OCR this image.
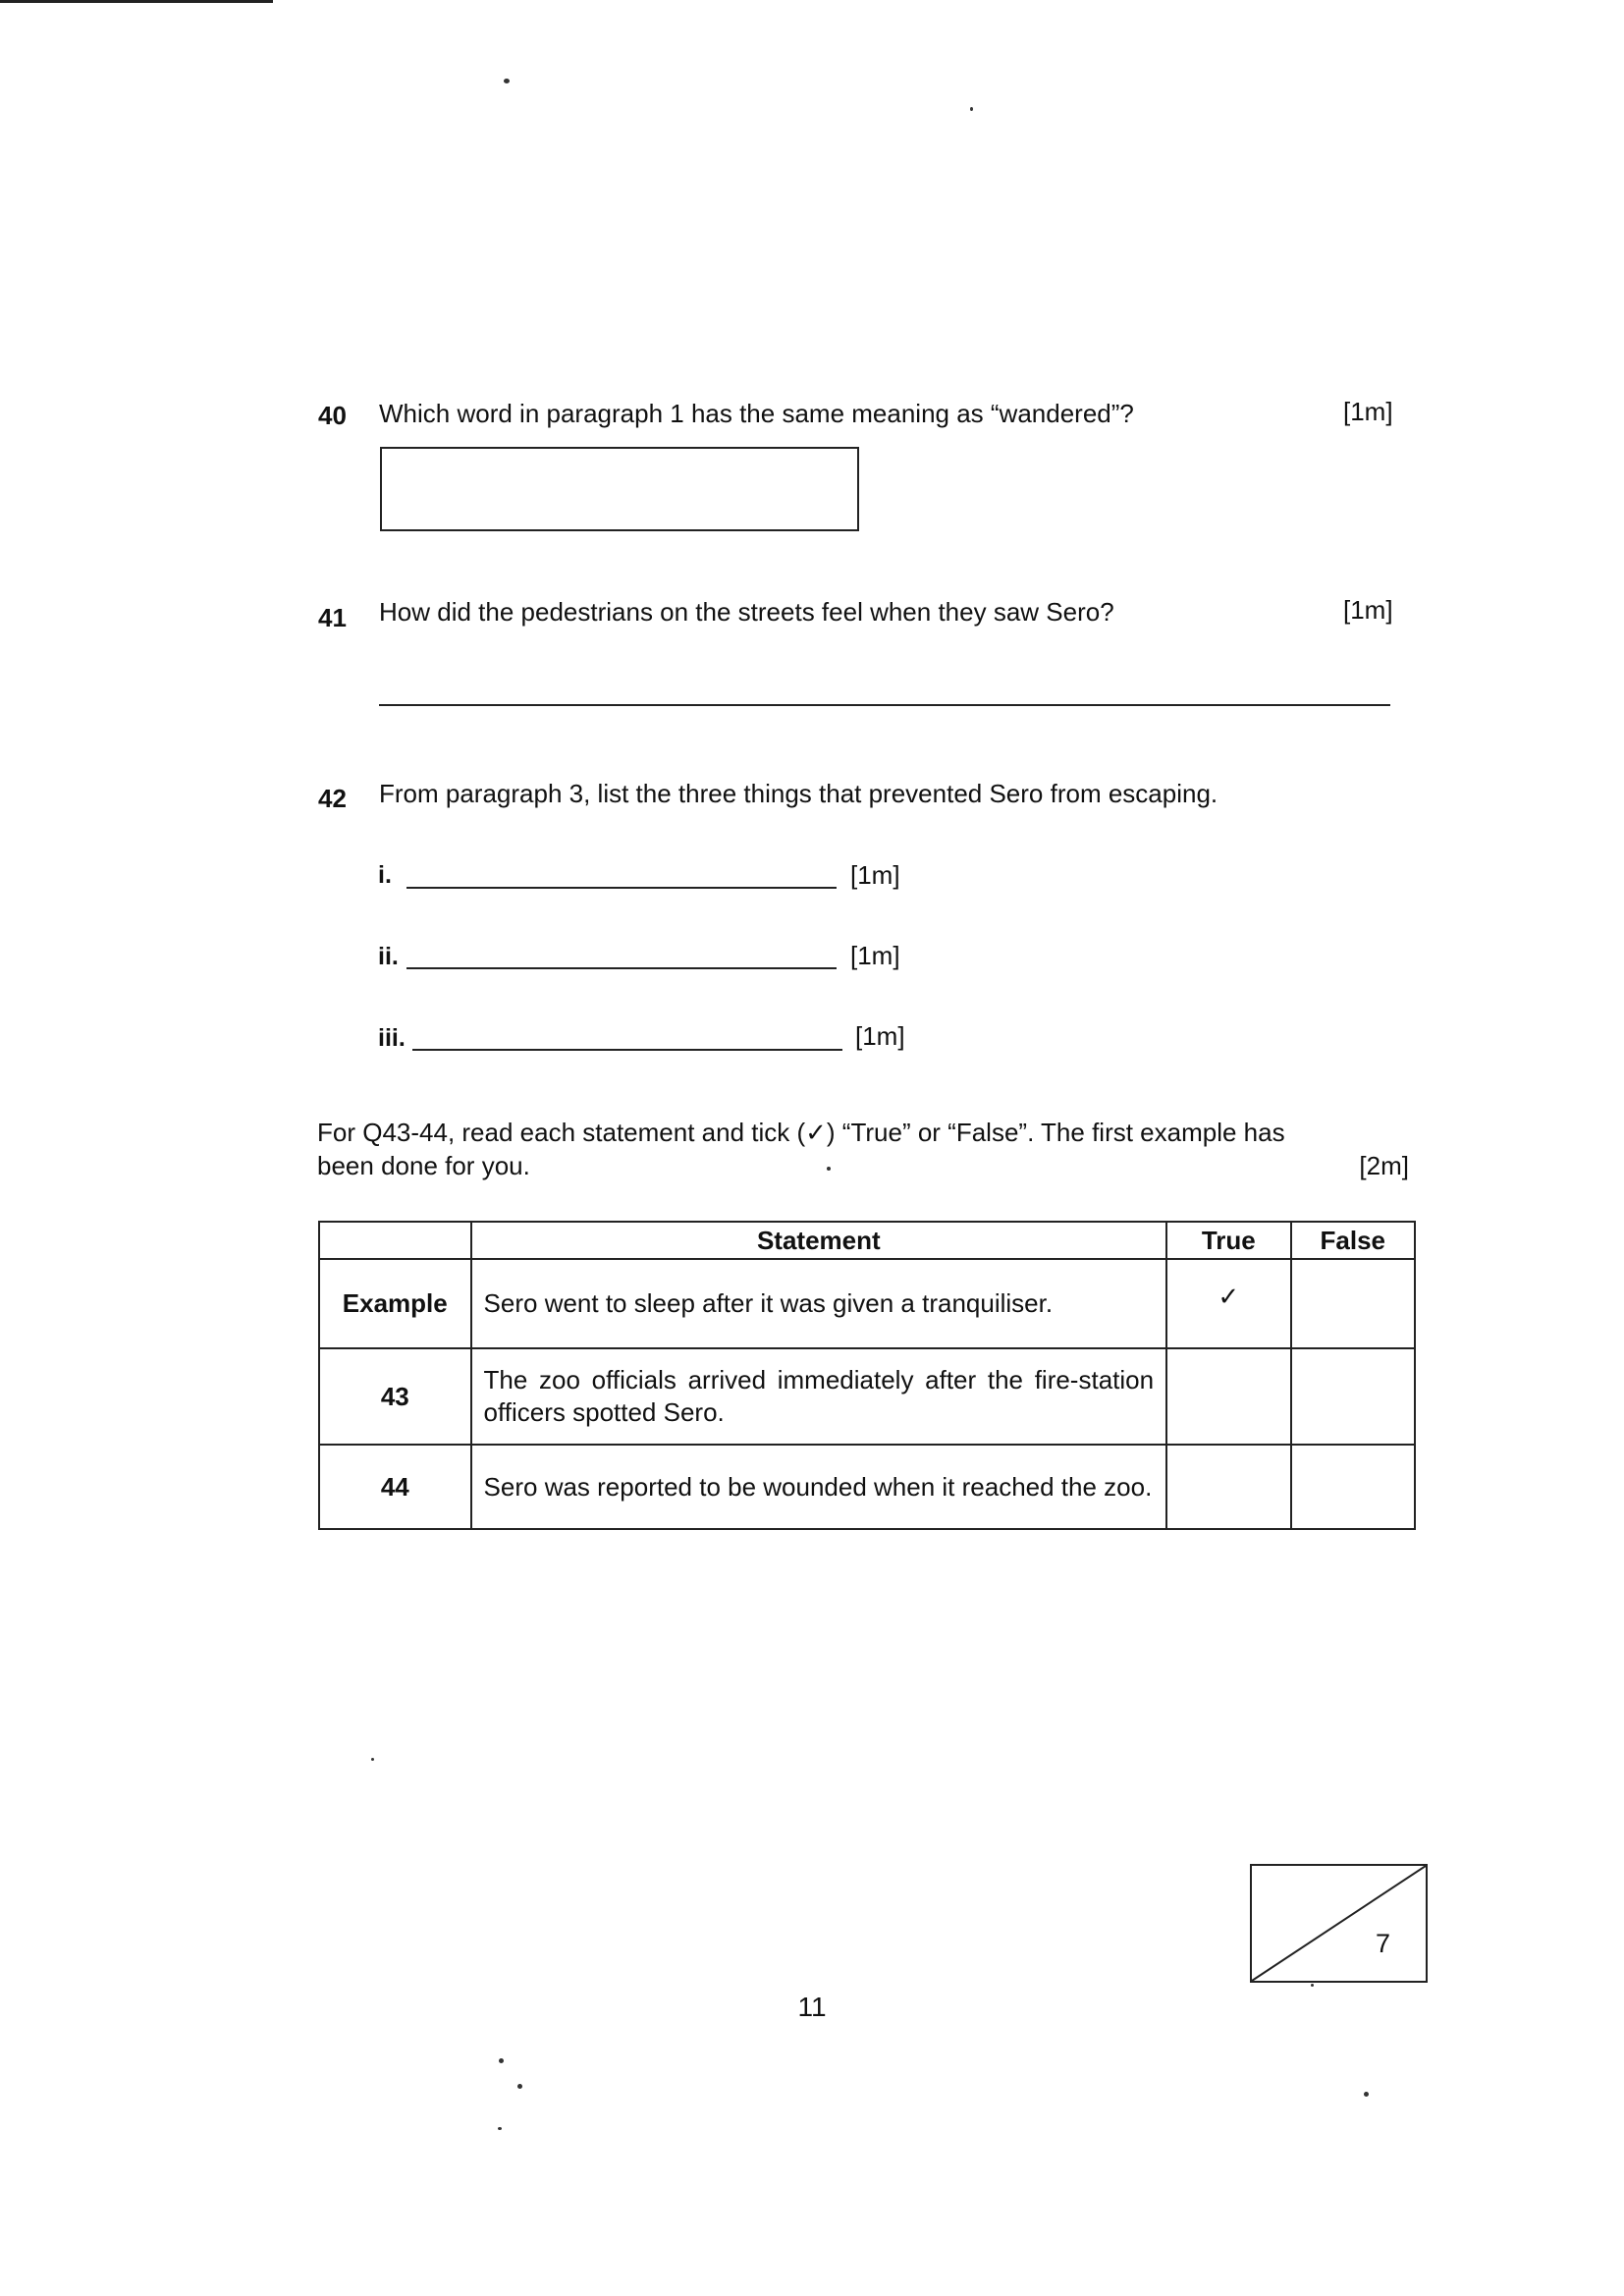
40 Which word in paragraph 1 has the same meaning as “wandered”?	[1m]
41 How did the pedestrians on the streets feel when they saw Sero?	[1m]
42 From paragraph 3, list the three things that prevented Sero from escaping.
i.	[1m]
ii.	[1m]
iii.	[1m]
For Q43-44, read each statement and tick (✓) “True” or “False”. The first example has
been done for you.	[2m]
	Statement	True	False
Example	Sero went to sleep after it was given a tranquiliser.	✓	
43	The zoo officials arrived immediately after the fire-station officers spotted Sero.		
44	Sero was reported to be wounded when it reached the zoo.		
7
11
